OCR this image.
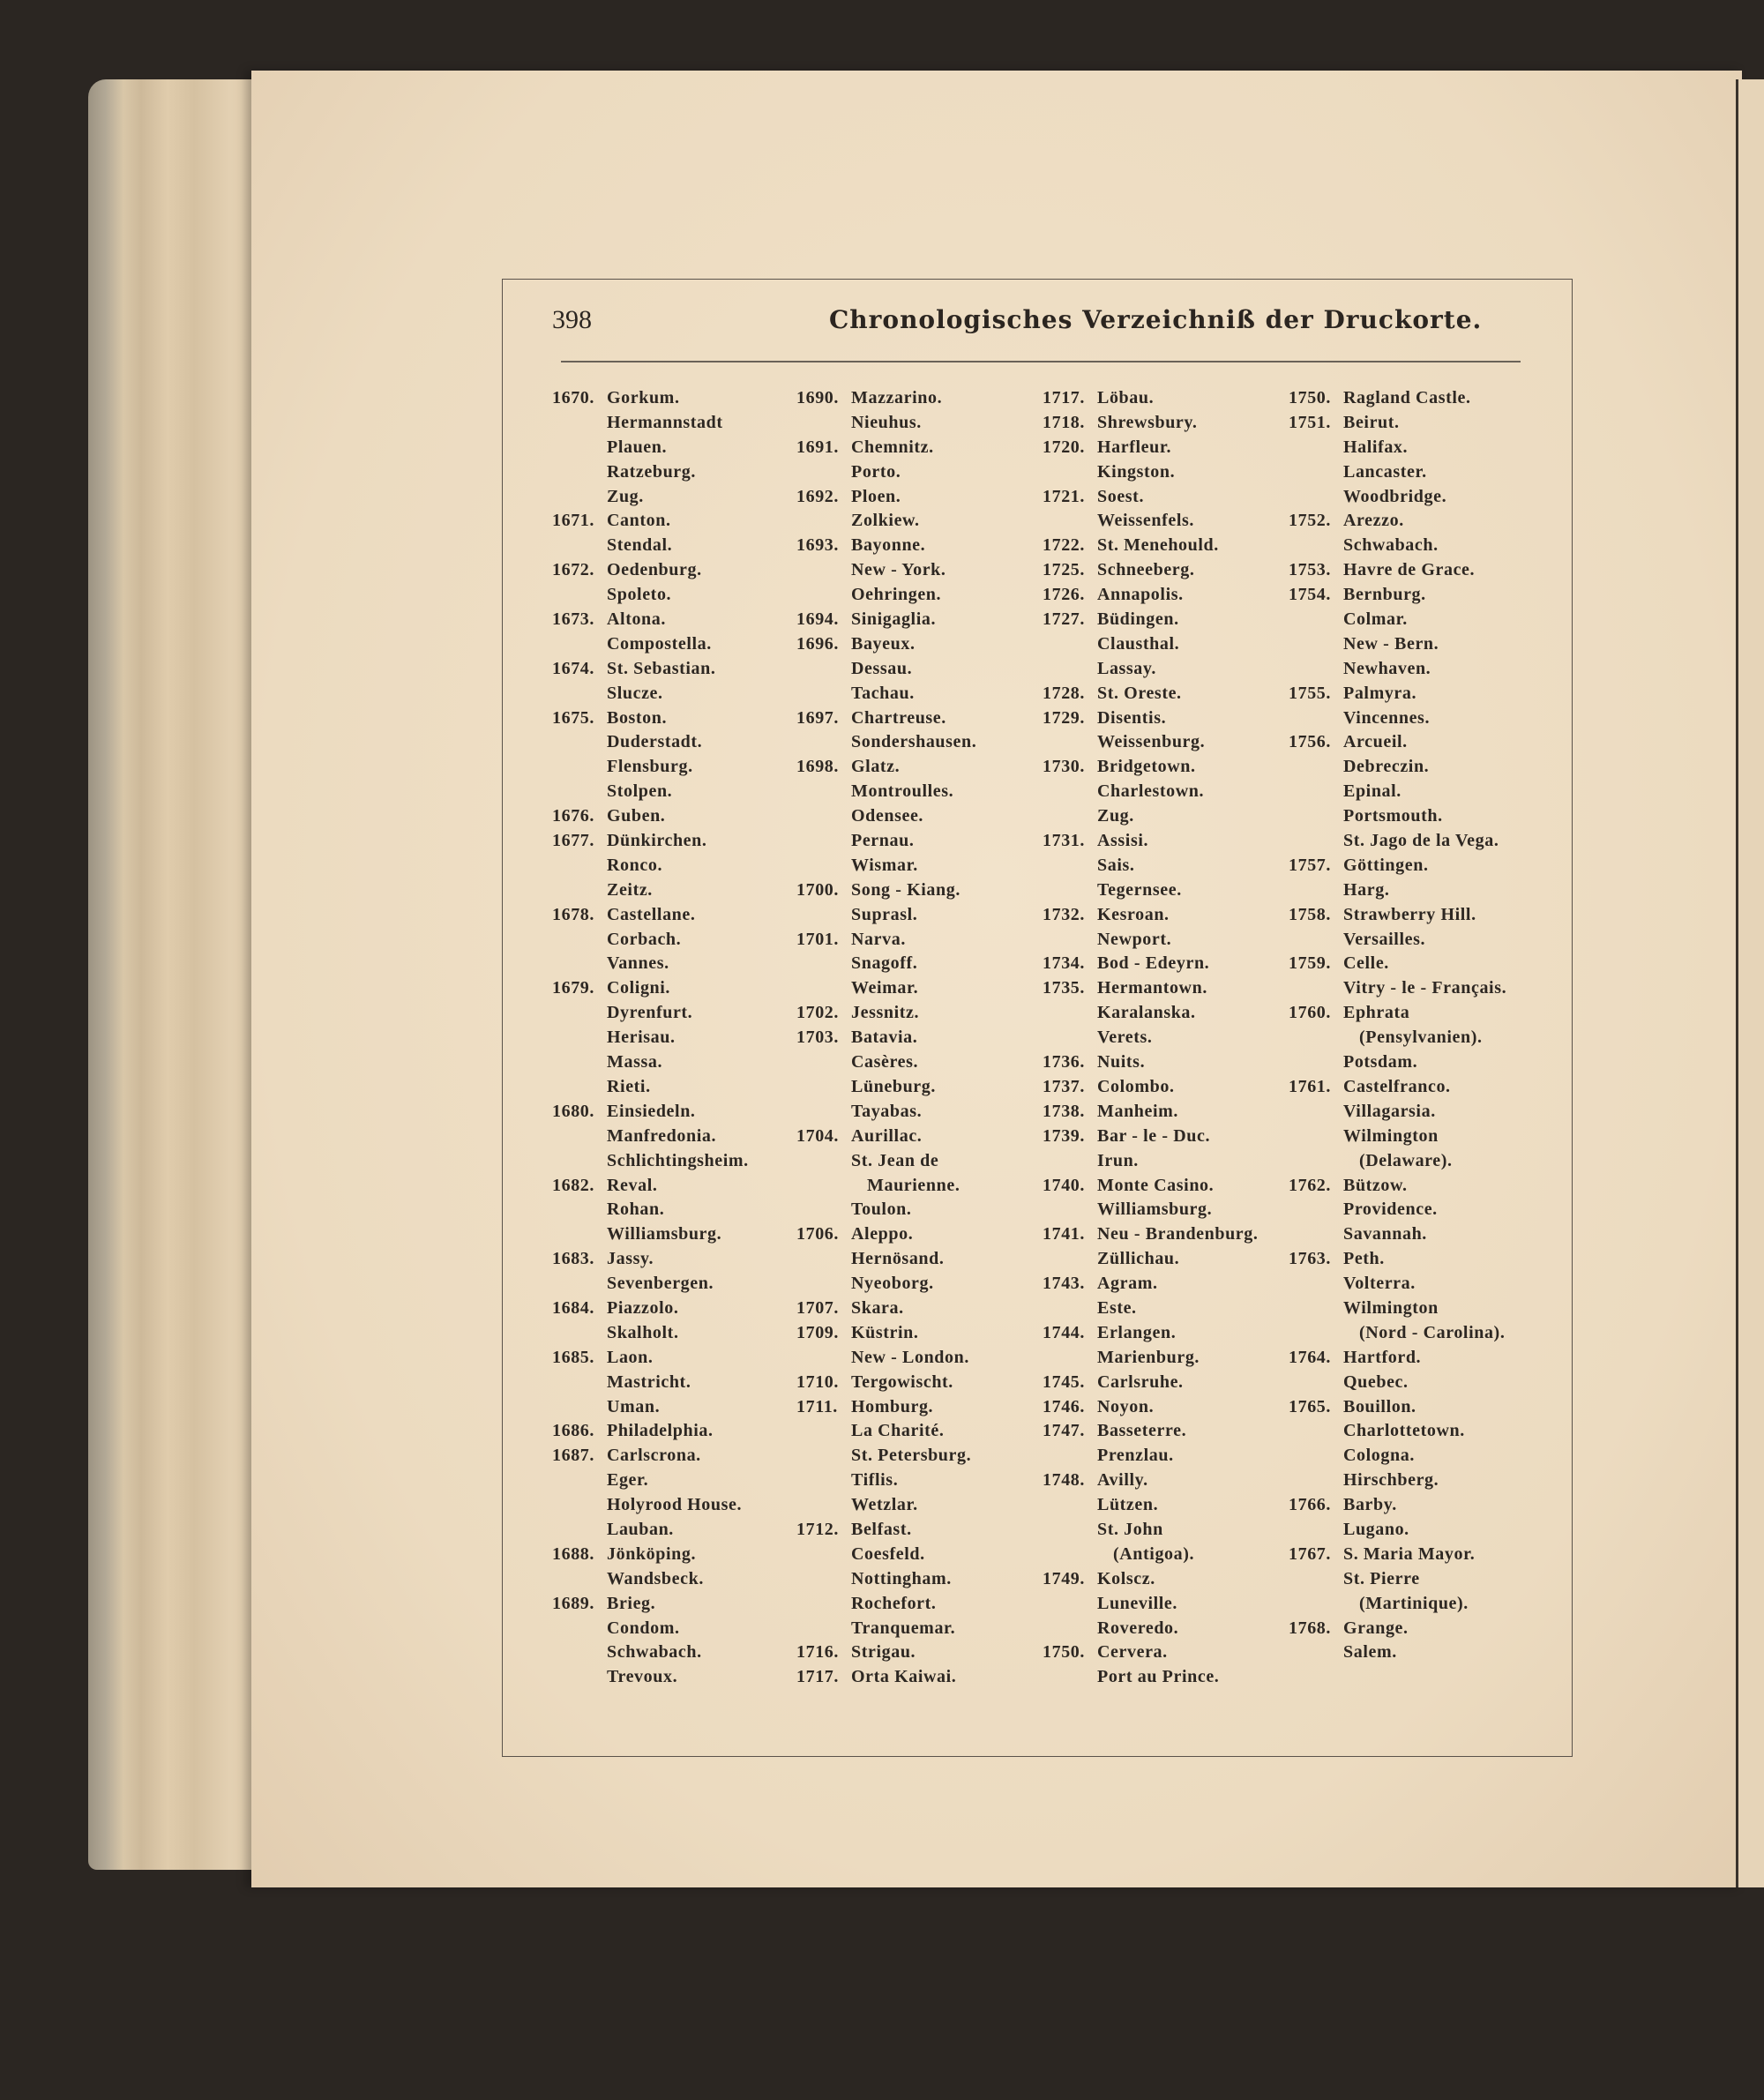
398	Chronologisches Verzeichniß der Druckorte.
1670. Gorkum.
Hermannstadt
Plauen.
Ratzeburg.
Zug.
1671. Canton.
Stendal.
1672. Oedenburg.
Spoleto.
1673. Altona.
Compostella.
1674. St. Sebastian.
Slucze.
1675. Boston.
Duderstadt.
Flensburg.
Stolpen.
1676. Guben.
1677. Dünkirchen.
Ronco.
Zeitz.
1678. Castellane.
Corbach.
Vannes.
1679. Coligni.
Dyrenfurt.
Herisau.
Massa.
Rieti.
1680. Einsiedeln.
Manfredonia.
Schlichtingsheim.
1682. Reval.
Rohan.
Williamsburg.
1683. Jassy.
Sevenbergen.
1684. Piazzolo.
Skalholt.
1685. Laon.
Mastricht.
Uman.
1686. Philadelphia.
1687. Carlscrona.
Eger.
Holyrood House.
Lauban.
1688. Jönköping.
Wandsbeck.
1689. Brieg.
Condom.
Schwabach.
Trevoux.
1690. Mazzarino.
Nieuhus.
1691. Chemnitz.
Porto.
1692. Ploen.
Zolkiew.
1693. Bayonne.
New - York.
Oehringen.
1694. Sinigaglia.
1696. Bayeux.
Dessau.
Tachau.
1697. Chartreuse.
Sondershausen.
1698. Glatz.
Montroulles.
Odensee.
Pernau.
Wismar.
1700. Song - Kiang.
Suprasl.
1701. Narva.
Snagoff.
Weimar.
1702. Jessnitz.
1703. Batavia.
Casères.
Lüneburg.
Tayabas.
1704. Aurillac.
St. Jean de
Maurienne.
Toulon.
1706. Aleppo.
Hernösand.
Nyeoborg.
1707. Skara.
1709. Küstrin.
New - London.
1710. Tergowischt.
1711. Homburg.
La Charité.
St. Petersburg.
Tiflis.
Wetzlar.
1712. Belfast.
Coesfeld.
Nottingham.
Rochefort.
Tranquemar.
1716. Strigau.
1717. Orta Kaiwai.
1717. Löbau.
1718. Shrewsbury.
1720. Harfleur.
Kingston.
1721. Soest.
Weissenfels.
1722. St. Menehould.
1725. Schneeberg.
1726. Annapolis.
1727. Büdingen.
Clausthal.
Lassay.
1728. St. Oreste.
1729. Disentis.
Weissenburg.
1730. Bridgetown.
Charlestown.
Zug.
1731. Assisi.
Sais.
Tegernsee.
1732. Kesroan.
Newport.
1734. Bod - Edeyrn.
1735. Hermantown.
Karalanska.
Verets.
1736. Nuits.
1737. Colombo.
1738. Manheim.
1739. Bar - le - Duc.
Irun.
1740. Monte Casino.
Williamsburg.
1741. Neu - Brandenburg.
Züllichau.
1743. Agram.
Este.
1744. Erlangen.
Marienburg.
1745. Carlsruhe.
1746. Noyon.
1747. Basseterre.
Prenzlau.
1748. Avilly.
Lützen.
St. John
(Antigoa).
1749. Kolscz.
Luneville.
Roveredo.
1750. Cervera.
Port au Prince.
1750. Ragland Castle.
1751. Beirut.
Halifax.
Lancaster.
Woodbridge.
1752. Arezzo.
Schwabach.
1753. Havre de Grace.
1754. Bernburg.
Colmar.
New - Bern.
Newhaven.
1755. Palmyra.
Vincennes.
1756. Arcueil.
Debreczin.
Epinal.
Portsmouth.
St. Jago de la Vega.
1757. Göttingen.
Harg.
1758. Strawberry Hill.
Versailles.
1759. Celle.
Vitry - le - Français.
1760. Ephrata
(Pensylvanien).
Potsdam.
1761. Castelfranco.
Villagarsia.
Wilmington
(Delaware).
1762. Bützow.
Providence.
Savannah.
1763. Peth.
Volterra.
Wilmington
(Nord - Carolina).
1764. Hartford.
Quebec.
1765. Bouillon.
Charlottetown.
Cologna.
Hirschberg.
1766. Barby.
Lugano.
1767. S. Maria Mayor.
St. Pierre
(Martinique).
1768. Grange.
Salem.
